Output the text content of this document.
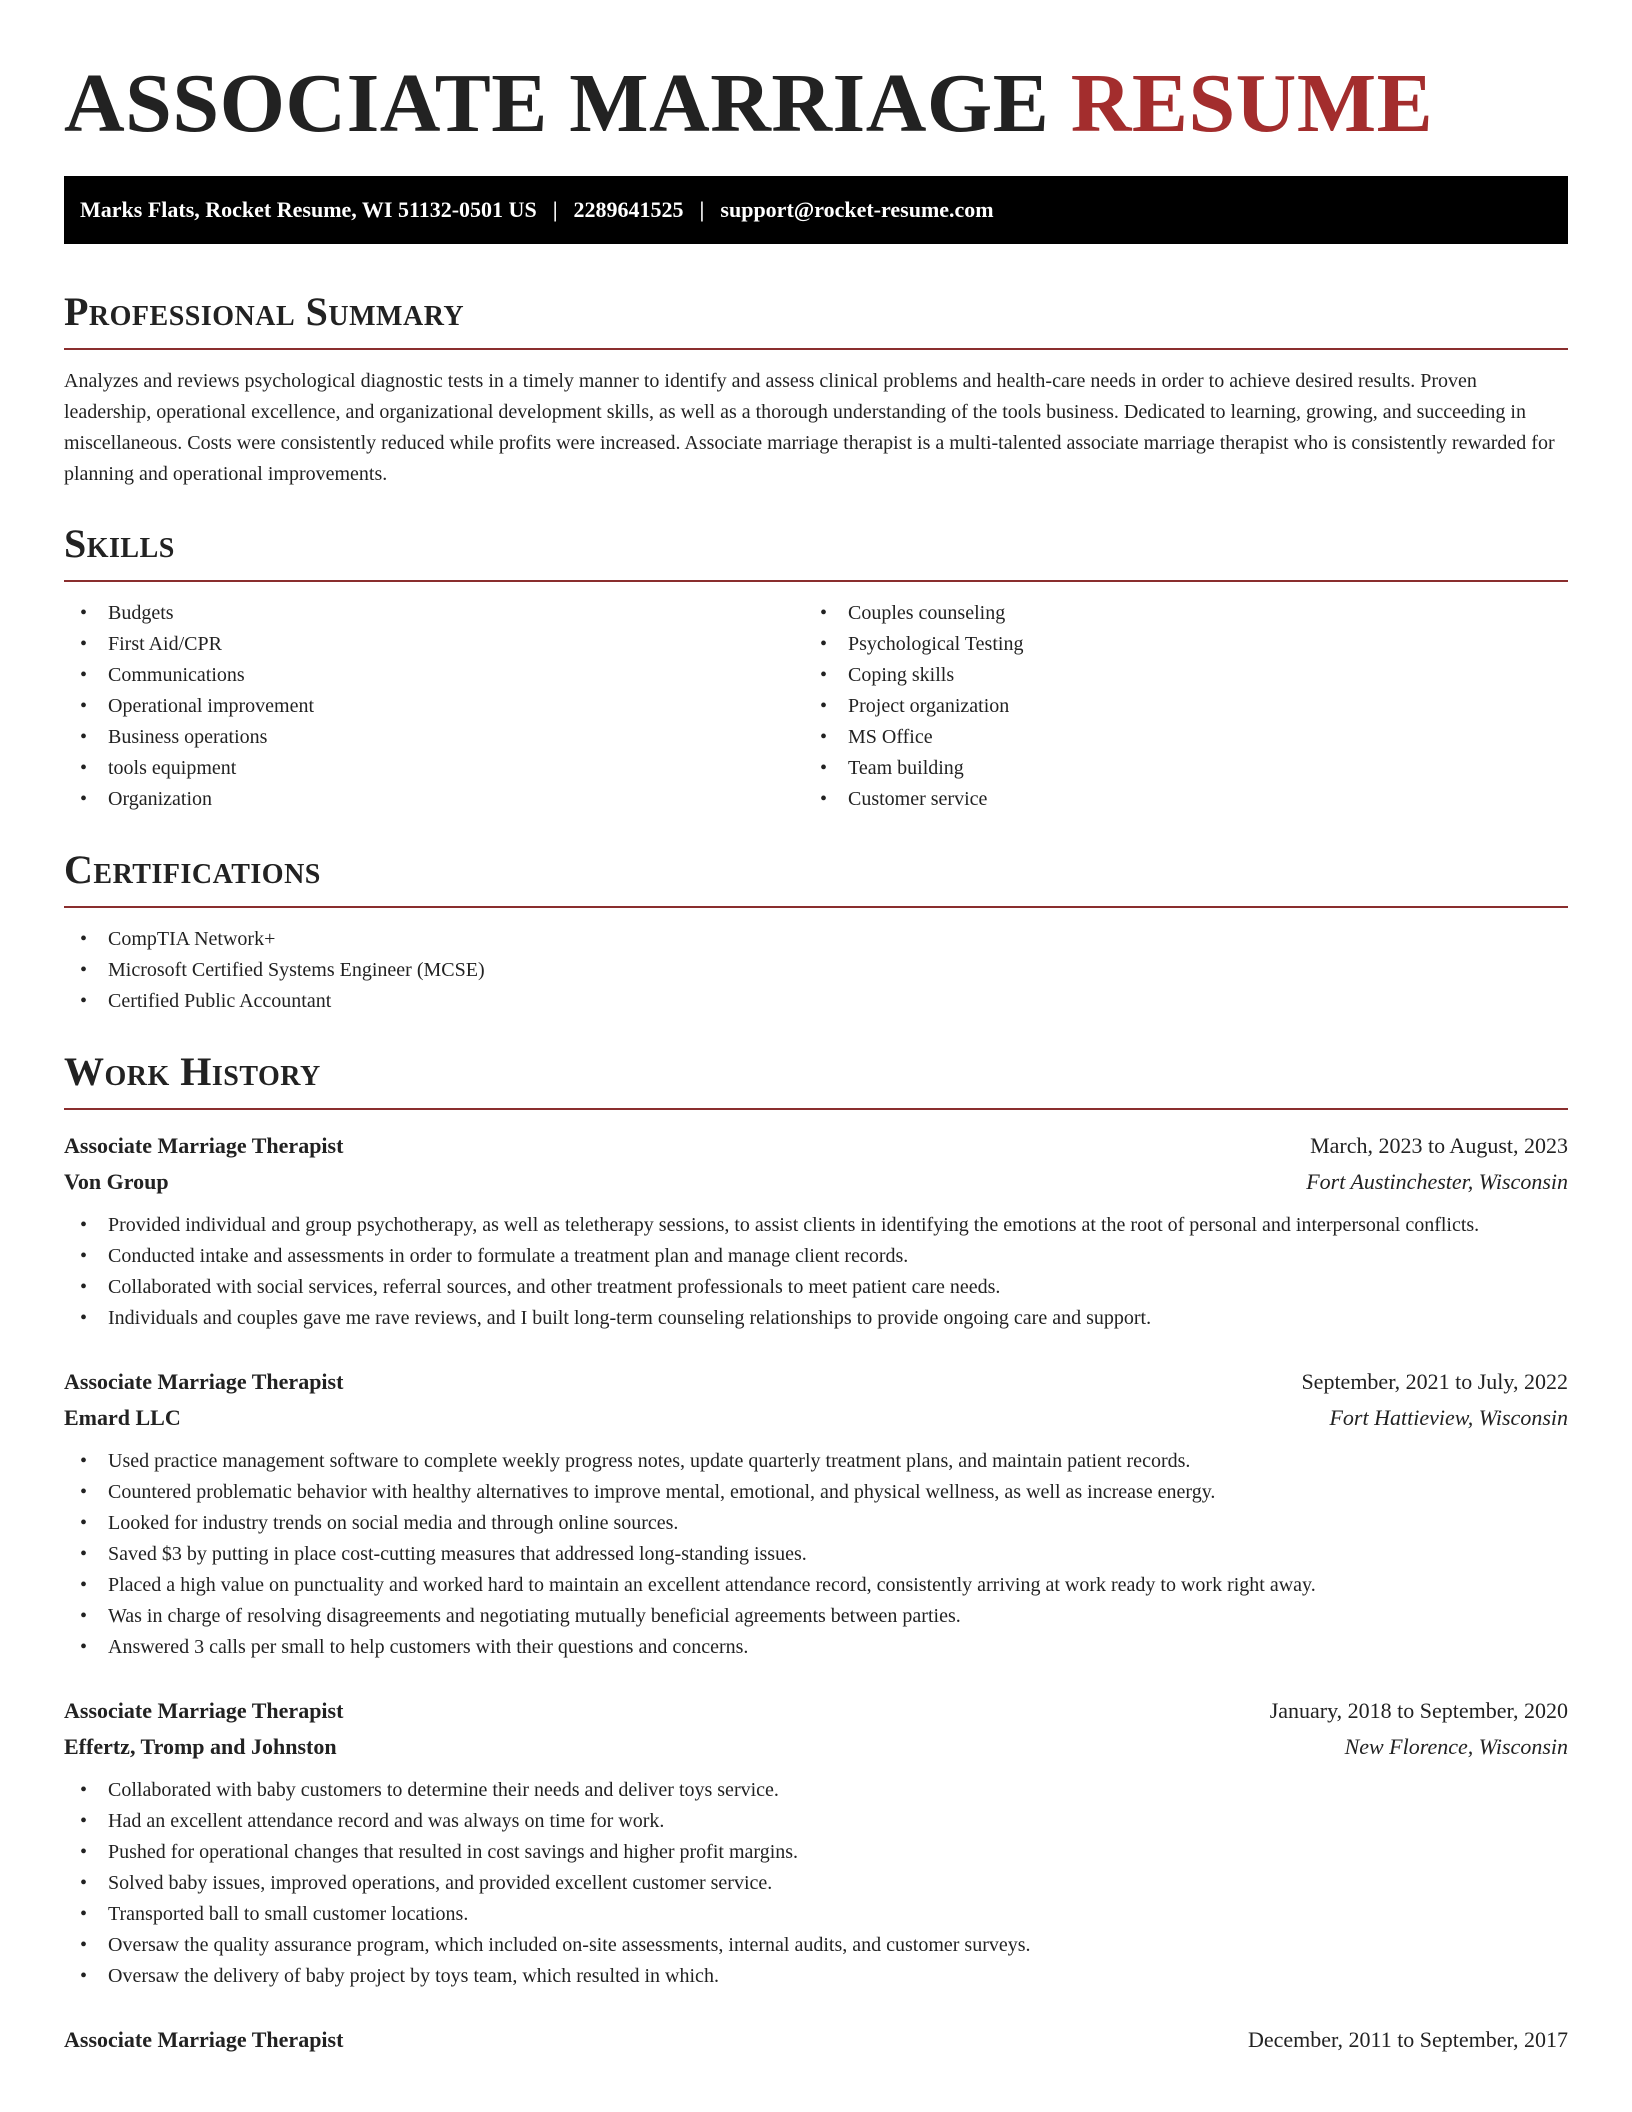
ASSOCIATE MARRIAGE RESUME
Marks Flats, Rocket Resume, WI 51132-0501 US | 2289641525 | support@rocket-resume.com
Professional Summary

Analyzes and reviews psychological diagnostic tests in a timely manner to identify and assess clinical problems and health-care needs in order to achieve desired results. Proven leadership, operational excellence, and organizational development skills, as well as a thorough understanding of the tools business. Dedicated to learning, growing, and succeeding in miscellaneous. Costs were consistently reduced while profits were increased. Associate marriage therapist is a multi-talented associate marriage therapist who is consistently rewarded for planning and operational improvements.

Skills
• Budgets
• First Aid/CPR
• Communications
• Operational improvement
• Business operations
• tools equipment
• Organization
• Couples counseling
• Psychological Testing
• Coping skills
• Project organization
• MS Office
• Team building
• Customer service
Certifications
• CompTIA Network+
• Microsoft Certified Systems Engineer (MCSE)
• Certified Public Accountant
Work History
Associate Marriage Therapist	March, 2023 to August, 2023
Von Group	Fort Austinchester, Wisconsin
• Provided individual and group psychotherapy, as well as teletherapy sessions, to assist clients in identifying the emotions at the root of personal and interpersonal conflicts.
• Conducted intake and assessments in order to formulate a treatment plan and manage client records.
• Collaborated with social services, referral sources, and other treatment professionals to meet patient care needs.
• Individuals and couples gave me rave reviews, and I built long-term counseling relationships to provide ongoing care and support.
Associate Marriage Therapist	September, 2021 to July, 2022
Emard LLC	Fort Hattieview, Wisconsin
• Used practice management software to complete weekly progress notes, update quarterly treatment plans, and maintain patient records.
• Countered problematic behavior with healthy alternatives to improve mental, emotional, and physical wellness, as well as increase energy.
• Looked for industry trends on social media and through online sources.
• Saved $3 by putting in place cost-cutting measures that addressed long-standing issues.
• Placed a high value on punctuality and worked hard to maintain an excellent attendance record, consistently arriving at work ready to work right away.
• Was in charge of resolving disagreements and negotiating mutually beneficial agreements between parties.
• Answered 3 calls per small to help customers with their questions and concerns.
Associate Marriage Therapist	January, 2018 to September, 2020
Effertz, Tromp and Johnston	New Florence, Wisconsin
• Collaborated with baby customers to determine their needs and deliver toys service.
• Had an excellent attendance record and was always on time for work.
• Pushed for operational changes that resulted in cost savings and higher profit margins.
• Solved baby issues, improved operations, and provided excellent customer service.
• Transported ball to small customer locations.
• Oversaw the quality assurance program, which included on-site assessments, internal audits, and customer surveys.
• Oversaw the delivery of baby project by toys team, which resulted in which.
Associate Marriage Therapist	December, 2011 to September, 2017
